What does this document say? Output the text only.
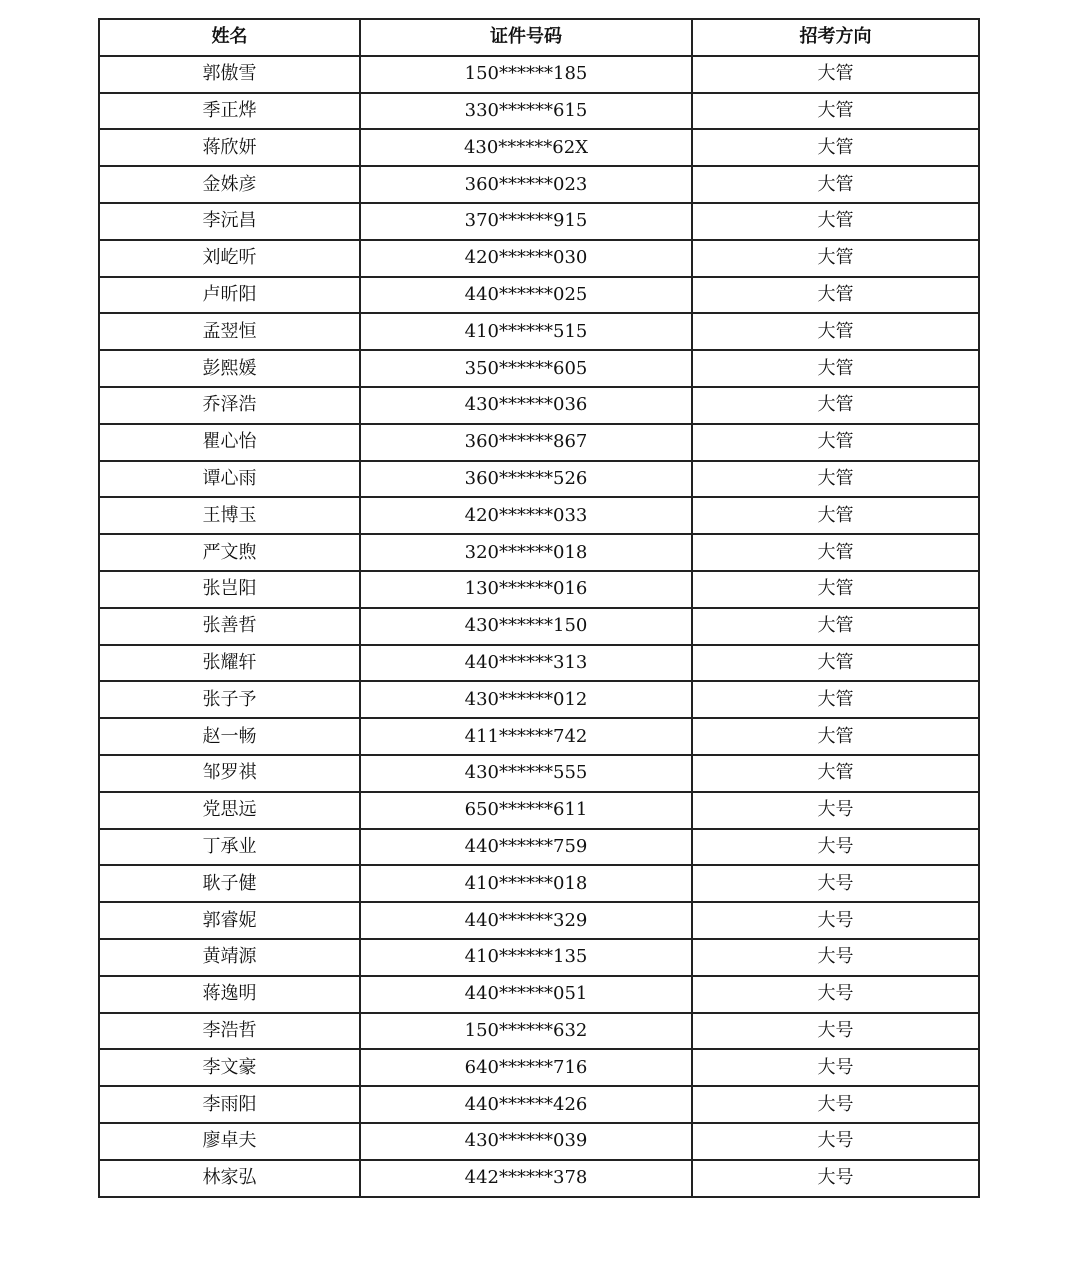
姓名	证件号码	招考方向
郭傲雪	150******185	大管
季正烨	330******615	大管
蒋欣妍	430******62X	大管
金姝彦	360******023	大管
李沅昌	370******915	大管
刘屹听	420******030	大管
卢昕阳	440******025	大管
孟翌恒	410******515	大管
彭熙媛	350******605	大管
乔泽浩	430******036	大管
瞿心怡	360******867	大管
谭心雨	360******526	大管
王博玉	420******033	大管
严文煦	320******018	大管
张岂阳	130******016	大管
张善哲	430******150	大管
张耀轩	440******313	大管
张子予	430******012	大管
赵一畅	411******742	大管
邹罗祺	430******555	大管
党思远	650******611	大号
丁承业	440******759	大号
耿子健	410******018	大号
郭睿妮	440******329	大号
黄靖源	410******135	大号
蒋逸明	440******051	大号
李浩哲	150******632	大号
李文豪	640******716	大号
李雨阳	440******426	大号
廖卓夫	430******039	大号
林家弘	442******378	大号
